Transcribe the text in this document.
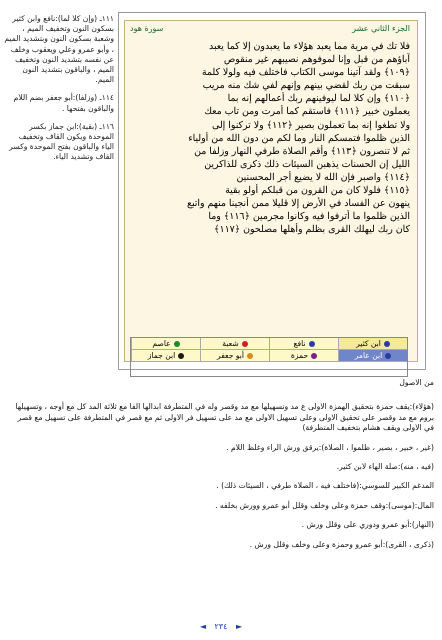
الجزء الثاني عشر
سورة هود
فلا تك في مرية مما يعبد هؤلاء ما يعبدون إلا كما يعبد
آباؤهم من قبل وإنا لموفوهم نصيبهم غير منقوص
﴿١٠٩﴾ ولقد آتينا موسى الكتاب فاختلف فيه ولولا كلمة
سبقت من ربك لقضي بينهم وإنهم لفي شك منه مريب
﴿١١٠﴾ وإن كلا لما ليوفينهم ربك أعمالهم إنه بما
يعملون خبير ﴿١١١﴾ فاستقم كما أمرت ومن تاب معك
ولا تطغوا إنه بما تعملون بصير ﴿١١٢﴾ ولا تركنوا إلى
الذين ظلموا فتمسكم النار وما لكم من دون الله من أولياء
ثم لا تنصرون ﴿١١٣﴾ وأقم الصلاة طرفي النهار وزلفا من
الليل إن الحسنات يذهبن السيئات ذلك ذكرى للذاكرين
﴿١١٤﴾ واصبر فإن الله لا يضيع أجر المحسنين
﴿١١٥﴾ فلولا كان من القرون من قبلكم أولو بقية
ينهون عن الفساد في الأرض إلا قليلا ممن أنجينا منهم واتبع
الذين ظلموا ما أترفوا فيه وكانوا مجرمين ﴿١١٦﴾ وما
كان ربك ليهلك القرى بظلم وأهلها مصلحون ﴿١١٧﴾
ابن كثير
نافع
شعبة
عاصم
ابن عامر
حمزة
أبو جعفر
ابن جماز

١١١ـ (وإن كلا لما):نافع وابن كثير بسكون النون وتخفيف الميم ، وشعبة بسكون النون وبتشديد الميم ، وأبو عمرو وعلي ويعقوب وخلف عن نفسه بتشديد النون وتخفيف الميم ، والباقون بتشديد النون الميم.

١١٤ـ (وزلفا):أبو جعفر بضم اللام والباقون بفتحها .

١١٦ـ (بقية):ابن جماز بكسر الموحدة ويكون القاف وتخفيف الياء والباقون بفتح الموحدة وكسر القاف وتشديد الياء.

من الاصول

(هؤلاء):يقف حمزة بتحقيق الهمزة الاولى ع مد وتسهيلها مع مد وقصر وله في المتطرفة ابدالها الفا مع ثلاثة المد كل مع أوجه ، وتسهيلها بروم مع مد وقصر على تحقيق الاولى وعلى تسهيل الاولى مع مد على تسهيل فر الاولى ثم مع قصر في المتطرفة على تسهيل مع قصر في الاولى ويقف هشام بتخفيف المتطرفة)

(غير ، خبير ، بصير ، ظلموا ، الصلاة):يرقق ورش الراء وغلظ اللام .

(فيه ، منه):صلة الهاء لابن كثير.

المدغم الكبير للسوسي:(فاختلف فيه ، الصلاة طرفي ، السيئات ذلك) .

المال:(موسى):وقف حمزة وعلى وخلف وقلل أبو عمرو وورش بخلفه .

(النهار):أبو عمرو ودوري على وقلل ورش .

(ذكرى ، القرى):أبو عمرو وحمزة وعلى وخلف وقلل ورش .

◄ ٢٣٤ ►
